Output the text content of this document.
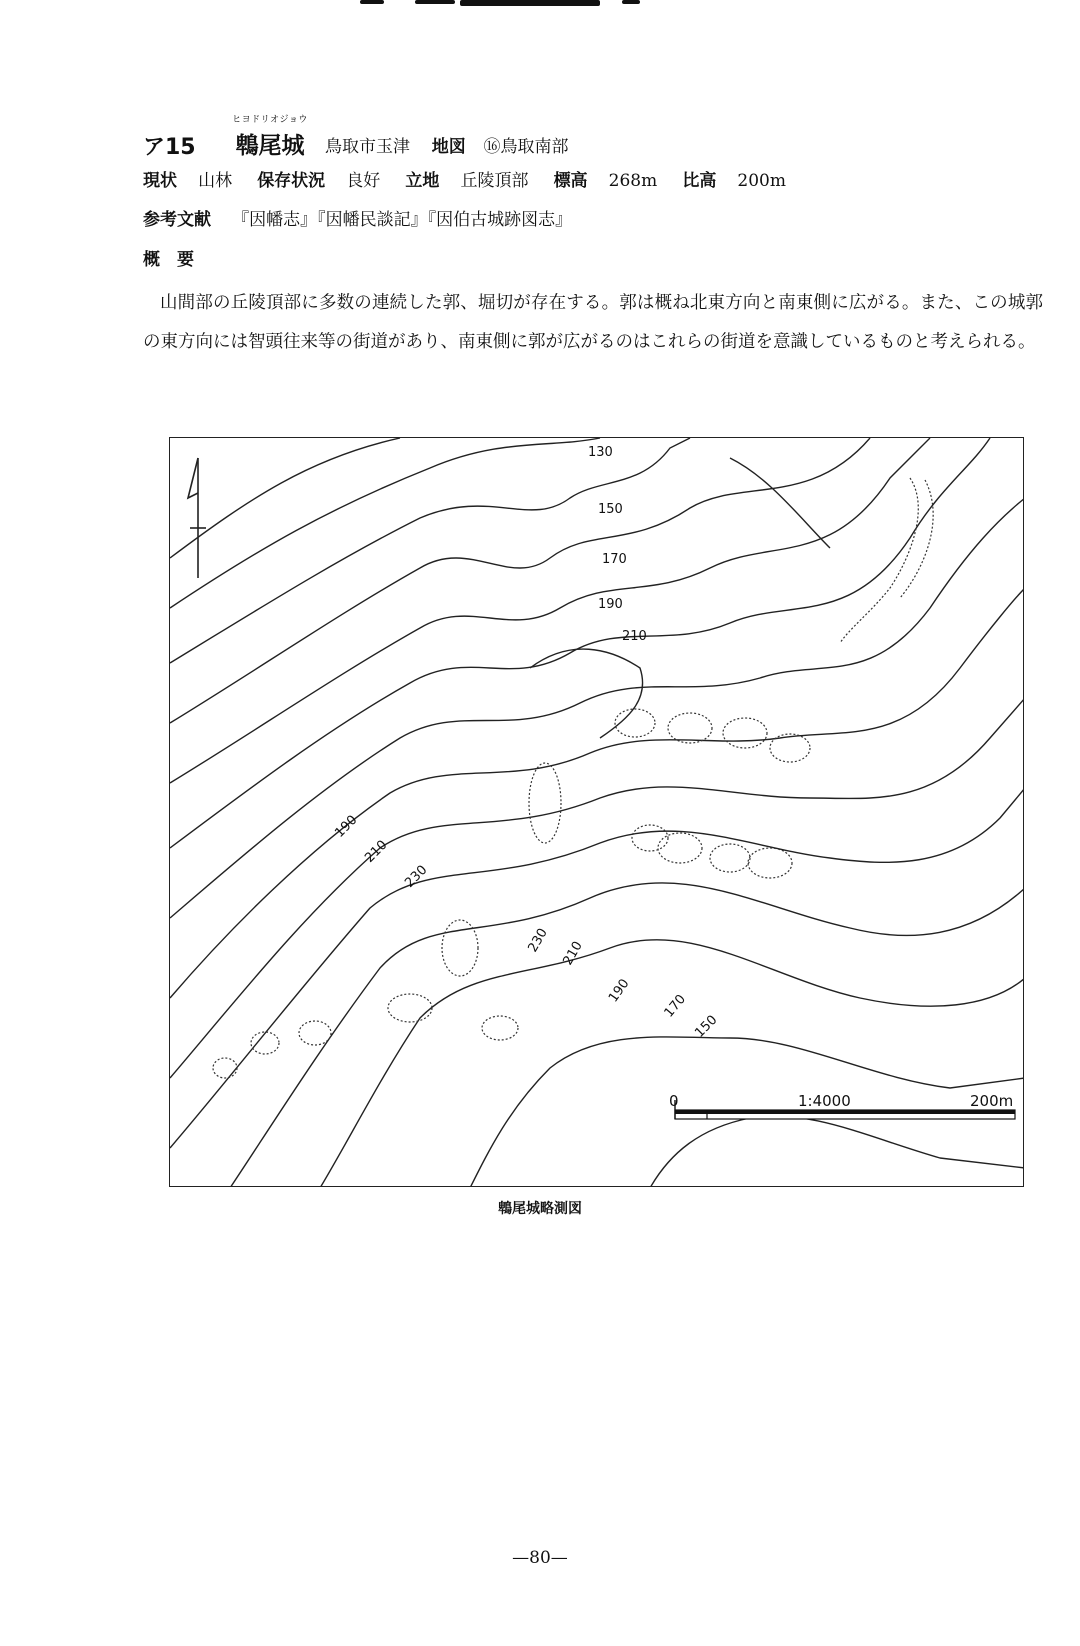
ア15
ヒヨドリオジョウ
鵯尾城	鳥取市玉津 地図 ⑯鳥取南部
現状 山林 保存状況 良好 立地 丘陵頂部 標高 268m 比高 200m
参考文献 『因幡志』『因幡民談記』『因伯古城跡図志』
概　要
山間部の丘陵頂部に多数の連続した郭、堀切が存在する。郭は概ね北東方向と南東側に広がる。また、この城郭の東方向には智頭往来等の街道があり、南東側に郭が広がるのはこれらの街道を意識しているものと考えられる。
130
150
170
190
210
190
210
230
230 210
190
170
150
0	1:4000	200m
鵯尾城略測図
—80—
